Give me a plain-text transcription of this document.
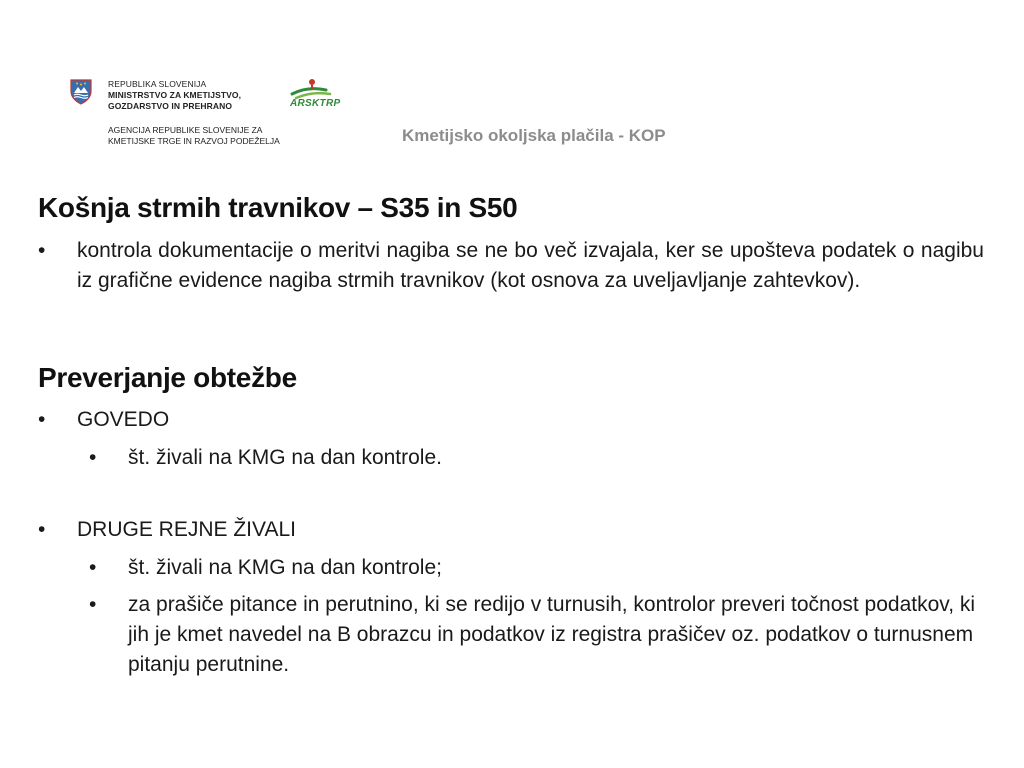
REPUBLIKA SLOVENIJA
MINISTRSTVO ZA KMETIJSTVO,
GOZDARSTVO IN PREHRANO
AGENCIJA REPUBLIKE SLOVENIJE ZA
KMETIJSKE TRGE IN RAZVOJ PODEŽELJA
ARSKTRP
Kmetijsko okoljska plačila - KOP
Košnja strmih travnikov – S35 in S50
• kontrola dokumentacije o meritvi nagiba se ne bo več izvajala, ker se upošteva podatek o nagibu iz grafične evidence nagiba strmih travnikov (kot osnova za uveljavljanje zahtevkov).
Preverjanje obtežbe
• GOVEDO
• št. živali na KMG na dan kontrole.
• DRUGE REJNE ŽIVALI
• št. živali na KMG na dan kontrole;
• za prašiče pitance in perutnino, ki se redijo v turnusih, kontrolor preveri točnost podatkov, ki jih je kmet navedel na B obrazcu in podatkov iz registra prašičev oz. podatkov o turnusnem pitanju perutnine.
